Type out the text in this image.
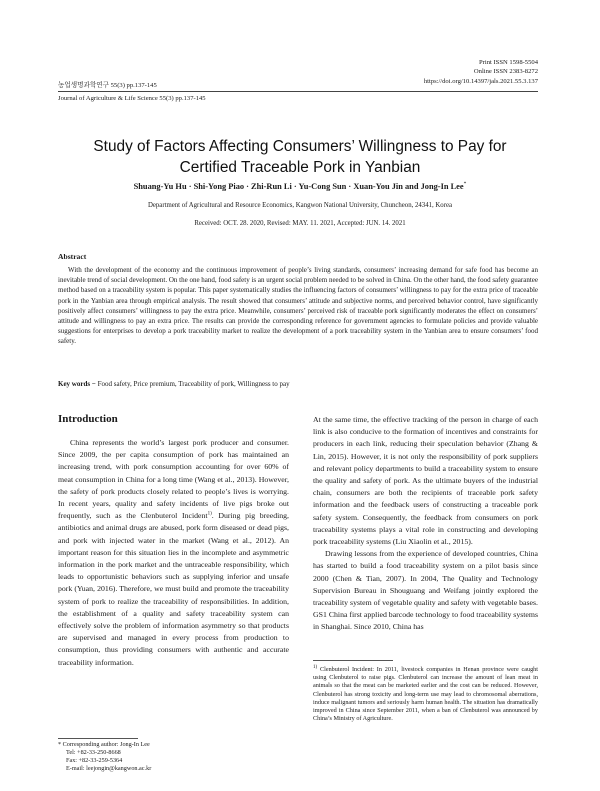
Print ISSN 1598-5504
Online ISSN 2383-8272
https://doi.org/10.14397/jals.2021.55.3.137
농업생명과학연구 55(3) pp.137-145
Journal of Agriculture & Life Science 55(3) pp.137-145
Study of Factors Affecting Consumers’ Willingness to Pay for
Certified Traceable Pork in Yanbian
Shuang-Yu Hu · Shi-Yong Piao · Zhi-Run Li · Yu-Cong Sun · Xuan-You Jin and Jong-In Lee*
Department of Agricultural and Resource Economics, Kangwon National University, Chuncheon, 24341, Korea
Received: OCT. 28. 2020, Revised: MAY. 11. 2021, Accepted: JUN. 14. 2021
Abstract
With the development of the economy and the continuous improvement of people’s living standards, consumers’ increasing demand for safe food has become an inevitable trend of social development. On the one hand, food safety is an urgent social problem needed to be solved in China. On the other hand, the food safety guarantee method based on a traceability system is popular. This paper systematically studies the influencing factors of consumers’ willingness to pay for the extra price of traceable pork in the Yanbian area through empirical analysis. The result showed that consumers’ attitude and subjective norms, and perceived behavior control, have significantly positively affect consumers’ willingness to pay the extra price. Meanwhile, consumers’ perceived risk of traceable pork significantly moderates the effect on consumers’ attitude and willingness to pay an extra price. The results can provide the corresponding reference for government agencies to formulate policies and provide valuable suggestions for enterprises to develop a pork traceability market to realize the development of a pork traceability system in the Yanbian area to ensure consumers’ food safety.
Key words − Food safety, Price premium, Traceability of pork, Willingness to pay
Introduction

China represents the world’s largest pork producer and consumer. Since 2009, the per capita consumption of pork has maintained an increasing trend, with pork consumption accounting for over 60% of meat consumption in China for a long time (Wang et al., 2013). However, the safety of pork products closely related to people’s lives is worrying. In recent years, quality and safety incidents of live pigs broke out frequently, such as the Clenbuterol Incident$^{1)}$. During pig breeding, antibiotics and animal drugs are abused, pork form diseased or dead pigs, and pork with injected water in the market (Wang et al., 2012). An important reason for this situation lies in the incomplete and asymmetric information in the pork market and the untraceable responsibility, which leads to opportunistic behaviors such as supplying inferior and unsafe pork (Yuan, 2016). Therefore, we must build and promote the traceability system of pork to realize the traceability of responsibilities. In addition, the establishment of a quality and safety traceability system can effectively solve the problem of information asymmetry so that products are supervised and managed in every process from production to consumption, thus providing consumers with authentic and accurate traceability information.

At the same time, the effective tracking of the person in charge of each link is also conducive to the formation of incentives and constraints for producers in each link, reducing their speculation behavior (Zhang & Lin, 2015). However, it is not only the responsibility of pork suppliers and relevant policy departments to build a traceability system to ensure the quality and safety of pork. As the ultimate buyers of the industrial chain, consumers are both the recipients of traceable pork safety information and the feedback users of constructing a traceable pork safety system. Consequently, the feedback from consumers on pork traceability systems plays a vital role in constructing and developing pork traceability systems (Liu Xiaolin et al., 2015).

Drawing lessons from the experience of developed countries, China has started to build a food traceability system on a pilot basis since 2000 (Chen & Tian, 2007). In 2004, The Quality and Technology Supervision Bureau in Shouguang and Weifang jointly explored the traceability system of vegetable quality and safety with vegetable bases. GS1 China first applied barcode technology to food traceability systems in Shanghai. Since 2010, China has

* Corresponding author: Jong-In Lee
Tel: +82-33-250-8668
Fax: +82-33-259-5364
E-mail: leejongin@kangwon.ac.kr
$^{1)}$ Clenbuterol Incident: In 2011, livestock companies in Henan province were caught using Clenbuterol to raise pigs. Clenbuterol can increase the amount of lean meat in animals so that the meat can be marketed earlier and the cost can be reduced. However, Clenbuterol has strong toxicity and long-term use may lead to chromosomal aberrations, induce malignant tumors and seriously harm human health. The situation has dramatically improved in China since September 2011, when a ban of Clenbuterol was announced by China’s Ministry of Agriculture.
